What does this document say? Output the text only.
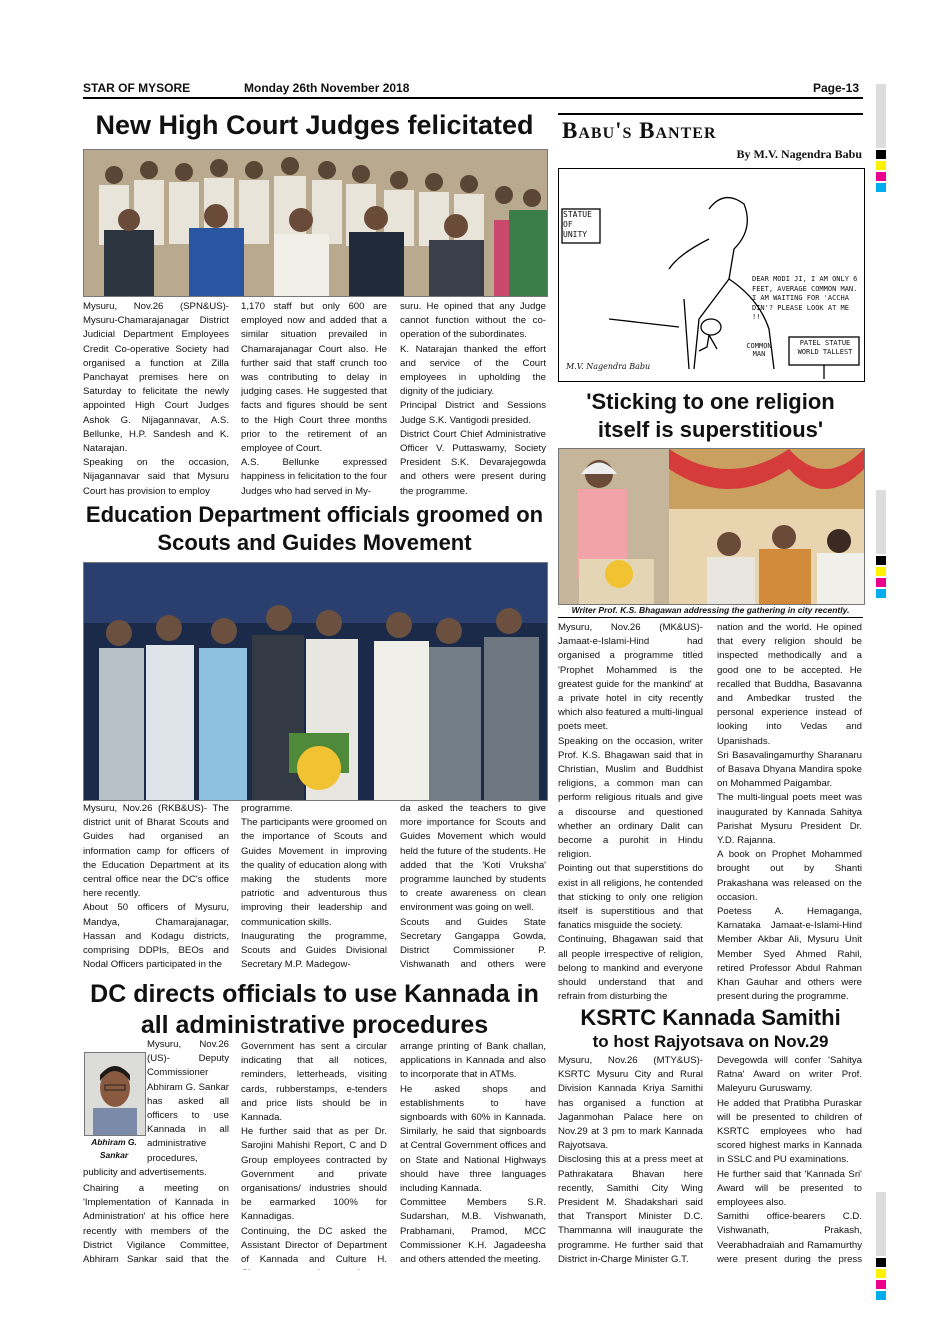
STAR OF MYSORE	Monday 26th November 2018	Page-13
New High Court Judges felicitated
Mysuru, Nov.26 (SPN&US)- Mysuru-Chamarajanagar District Judicial Department Employees Credit Co-operative Society had organised a function at Zilla Panchayat premises here on Saturday to felicitate the newly appointed High Court Judges Ashok G. Nijagannavar, A.S. Bellunke, H.P. Sandesh and K. Natarajan.
Speaking on the occasion, Nijagannavar said that Mysuru Court has provision to employ
1,170 staff but only 600 are employed now and added that a similar situation prevailed in Chamarajanagar Court also. He further said that staff crunch too was contributing to delay in judging cases. He suggested that facts and figures should be sent to the High Court three months prior to the retirement of an employee of Court.
A.S. Bellunke expressed happiness in felicitation to the four Judges who had served in My-
suru. He opined that any Judge cannot function without the co-operation of the subordinates.
K. Natarajan thanked the effort and service of the Court employees in upholding the dignity of the judiciary.
Principal District and Sessions Judge S.K. Vantigodi presided.
District Court Chief Administrative Officer V. Puttaswamy, Society President S.K. Devarajegowda and others were present during the programme.
Education Department officials groomed on Scouts and Guides Movement
Mysuru, Nov.26 (RKB&US)- The district unit of Bharat Scouts and Guides had organised an information camp for officers of the Education Department at its central office near the DC's office here recently.
About 50 officers of Mysuru, Mandya, Chamarajanagar, Hassan and Kodagu districts, comprising DDPIs, BEOs and Nodal Officers participated in the
programme.
The participants were groomed on the importance of Scouts and Guides Movement in improving the quality of education along with making the students more patriotic and adventurous thus improving their leadership and communication skills.
Inaugurating the programme, Scouts and Guides Divisional Secretary M.P. Madegow-
da asked the teachers to give more importance for Scouts and Guides Movement which would held the future of the students. He added that the 'Koti Vruksha' programme launched by students to create awareness on clean environment was going on well.
Scouts and Guides State Secretary Gangappa Gowda, District Commissioner P. Vishwanath and others were
DC directs officials to use Kannada in all administrative procedures
Abhiram G.
Sankar
Mysuru, Nov.26 (US)- Deputy Commissioner Abhiram G. Sankar has asked all officers to use Kannada in all administrative procedures, publicity and advertisements.
Chairing a meeting on 'Implementation of Kannada in Administration' at his office here recently with members of the District Vigilance Committee, Abhiram Sankar said that the
Government has sent a circular indicating that all notices, reminders, letterheads, visiting cards, rubberstamps, e-tenders and price lists should be in Kannada.
He further said that as per Dr. Sarojini Mahishi Report, C and D Group employees contracted by Government and private organisations/ industries should be earmarked 100% for Kannadigas.
Continuing, the DC asked the Assistant Director of Department of Kannada and Culture H.
arrange printing of Bank challan, applications in Kannada and also to incorporate that in ATMs.
He asked shops and establishments to have signboards with 60% in Kannada. Similarly, he said that signboards at Central Government offices and on State and National Highways should have three languages including Kannada.
Committee Members S.R. Sudarshan, M.B. Vishwanath, Prabhamani, Pramod, MCC Commissioner K.H. Jagadeesha and others attended the meeting.
Babu's Banter
By M.V. Nagendra Babu
STATUE OF UNITY
DEAR MODI JI, I AM ONLY 6 FEET, AVERAGE COMMON MAN. I AM WAITING FOR 'ACCHA DIN'? PLEASE LOOK AT ME !!
COMMON MAN
PATEL STATUE WORLD TALLEST
M.V. Nagendra Babu
'Sticking to one religion itself is superstitious'
Writer Prof. K.S. Bhagawan addressing the gathering in city recently.
Mysuru, Nov.26 (MK&US)- Jamaat-e-Islami-Hind had organised a programme titled 'Prophet Mohammed is the greatest guide for the mankind' at a private hotel in city recently which also featured a multi-lingual poets meet.
Speaking on the occasion, writer Prof. K.S. Bhagawan said that in Christian, Muslim and Buddhist religions, a common man can perform religious rituals and give a discourse and questioned whether an ordinary Dalit can become a purohit in Hindu religion.
Pointing out that superstitions do exist in all religions, he contended that sticking to only one religion itself is superstitious and that fanatics misguide the society.
Continuing, Bhagawan said that all people irrespective of religion, belong to mankind and everyone should understand that and refrain from disturbing the
nation and the world. He opined that every religion should be inspected methodically and a good one to be accepted. He recalled that Buddha, Basavanna and Ambedkar trusted the personal experience instead of looking into Vedas and Upanishads.
Sri Basavalingamurthy Sharanaru of Basava Dhyana Mandira spoke on Mohammed Paigambar.
The multi-lingual poets meet was inaugurated by Kannada Sahitya Parishat Mysuru President Dr. Y.D. Rajanna.
A book on Prophet Mohammed brought out by Shanti Prakashana was released on the occasion.
Poetess A. Hemaganga, Karnataka Jamaat-e-Islami-Hind Member Akbar Ali, Mysuru Unit Member Syed Ahmed Rahil, retired Professor Abdul Rahman Khan Gauhar and others were present during the programme.
KSRTC Kannada Samithi
to host Rajyotsava on Nov.29
Mysuru, Nov.26 (MTY&US)- KSRTC Mysuru City and Rural Division Kannada Kriya Samithi has organised a function at Jaganmohan Palace here on Nov.29 at 3 pm to mark Kannada Rajyotsava.
Disclosing this at a press meet at Pathrakatara Bhavan here recently, Samithi City Wing President M. Shadakshari said that Transport Minister D.C. Thammanna will inaugurate the programme. He further said that District in-Charge Minister G.T.
Devegowda will confer 'Sahitya Ratna' Award on writer Prof. Maleyuru Guruswamy.
He added that Pratibha Puraskar will be presented to children of KSRTC employees who had scored highest marks in Kannada in SSLC and PU examinations.
He further said that 'Kannada Sri' Award will be presented to employees also.
Samithi office-bearers C.D. Vishwanath, Prakash, Veerabhadraiah and Ramamurthy were present during the press
